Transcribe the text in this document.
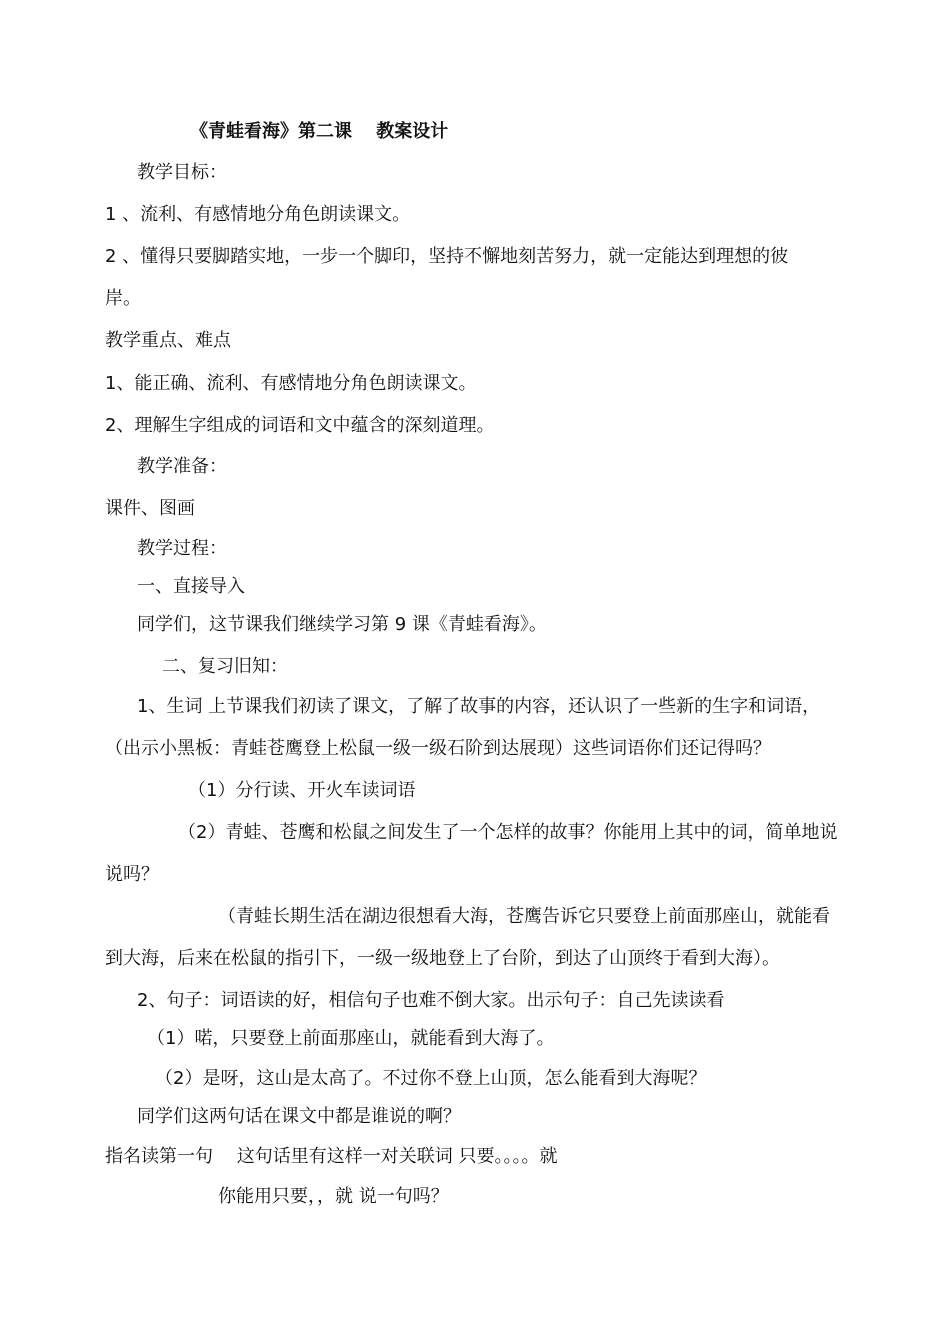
《青蛙看海》第二课　 教案设计
教学目标：
1 、流利、有感情地分角色朗读课文。
2 、懂得只要脚踏实地，一步一个脚印，坚持不懈地刻苦努力，就一定能达到理想的彼
岸。
教学重点、难点
1、能正确、流利、有感情地分角色朗读课文。
2、理解生字组成的词语和文中蕴含的深刻道理。
教学准备：
课件、图画
教学过程：
一、直接导入
同学们，这节课我们继续学习第 9 课《青蛙看海》。
二、复习旧知：
1、生词 上节课我们初读了课文，了解了故事的内容，还认识了一些新的生字和词语，
（出示小黑板：青蛙苍鹰登上松鼠一级一级石阶到达展现）这些词语你们还记得吗？
（1）分行读、开火车读词语
（2）青蛙、苍鹰和松鼠之间发生了一个怎样的故事？你能用上其中的词，简单地说
说吗？
（青蛙长期生活在湖边很想看大海，苍鹰告诉它只要登上前面那座山，就能看
到大海，后来在松鼠的指引下，一级一级地登上了台阶，到达了山顶终于看到大海）。
2、句子：词语读的好，相信句子也难不倒大家。出示句子：自己先读读看
（1）喏，只要登上前面那座山，就能看到大海了。
（2）是呀，这山是太高了。不过你不登上山顶，怎么能看到大海呢？
同学们这两句话在课文中都是谁说的啊？
指名读第一句　 这句话里有这样一对关联词 只要。。。。就
你能用只要，，就 说一句吗？
